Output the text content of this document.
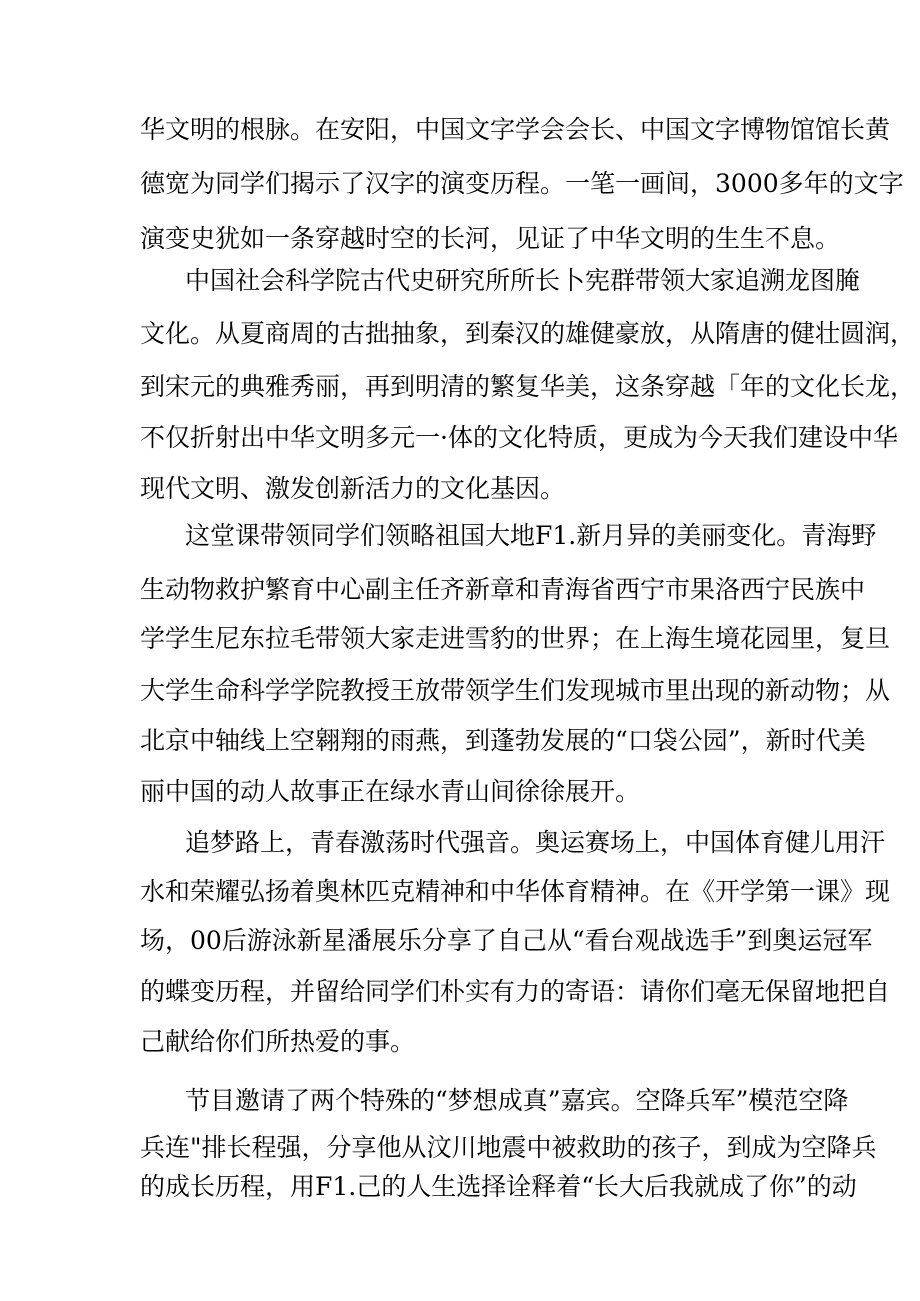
华文明的根脉。在安阳，中国文字学会会长、中国文字博物馆馆长黄
德宽为同学们揭示了汉字的演变历程。一笔一画间，3000多年的文字
演变史犹如一条穿越时空的长河，见证了中华文明的生生不息。
中国社会科学院古代史研究所所长卜宪群带领大家追溯龙图腌
文化。从夏商周的古拙抽象，到秦汉的雄健豪放，从隋唐的健壮圆润，
到宋元的典雅秀丽，再到明清的繁复华美，这条穿越「年的文化长龙，
不仅折射出中华文明多元一·体的文化特质，更成为今天我们建设中华
现代文明、激发创新活力的文化基因。
这堂课带领同学们领略祖国大地F1.新月异的美丽变化。青海野
生动物救护繁育中心副主任齐新章和青海省西宁市果洛西宁民族中
学学生尼东拉毛带领大家走进雪豹的世界；在上海生境花园里，复旦
大学生命科学学院教授王放带领学生们发现城市里出现的新动物；从
北京中轴线上空翱翔的雨燕，到蓬勃发展的“口袋公园”，新时代美
丽中国的动人故事正在绿水青山间徐徐展开。
追梦路上，青春激荡时代强音。奥运赛场上，中国体育健儿用汗
水和荣耀弘扬着奥林匹克精神和中华体育精神。在《开学第一课》现
场，00后游泳新星潘展乐分享了自己从“看台观战选手”到奥运冠军
的蝶变历程，并留给同学们朴实有力的寄语：请你们毫无保留地把自
己献给你们所热爱的事。
节目邀请了两个特殊的“梦想成真”嘉宾。空降兵军”模范空降
兵连"排长程强，分享他从汶川地震中被救助的孩子，到成为空降兵
的成长历程，用F1.己的人生选择诠释着“长大后我就成了你”的动
